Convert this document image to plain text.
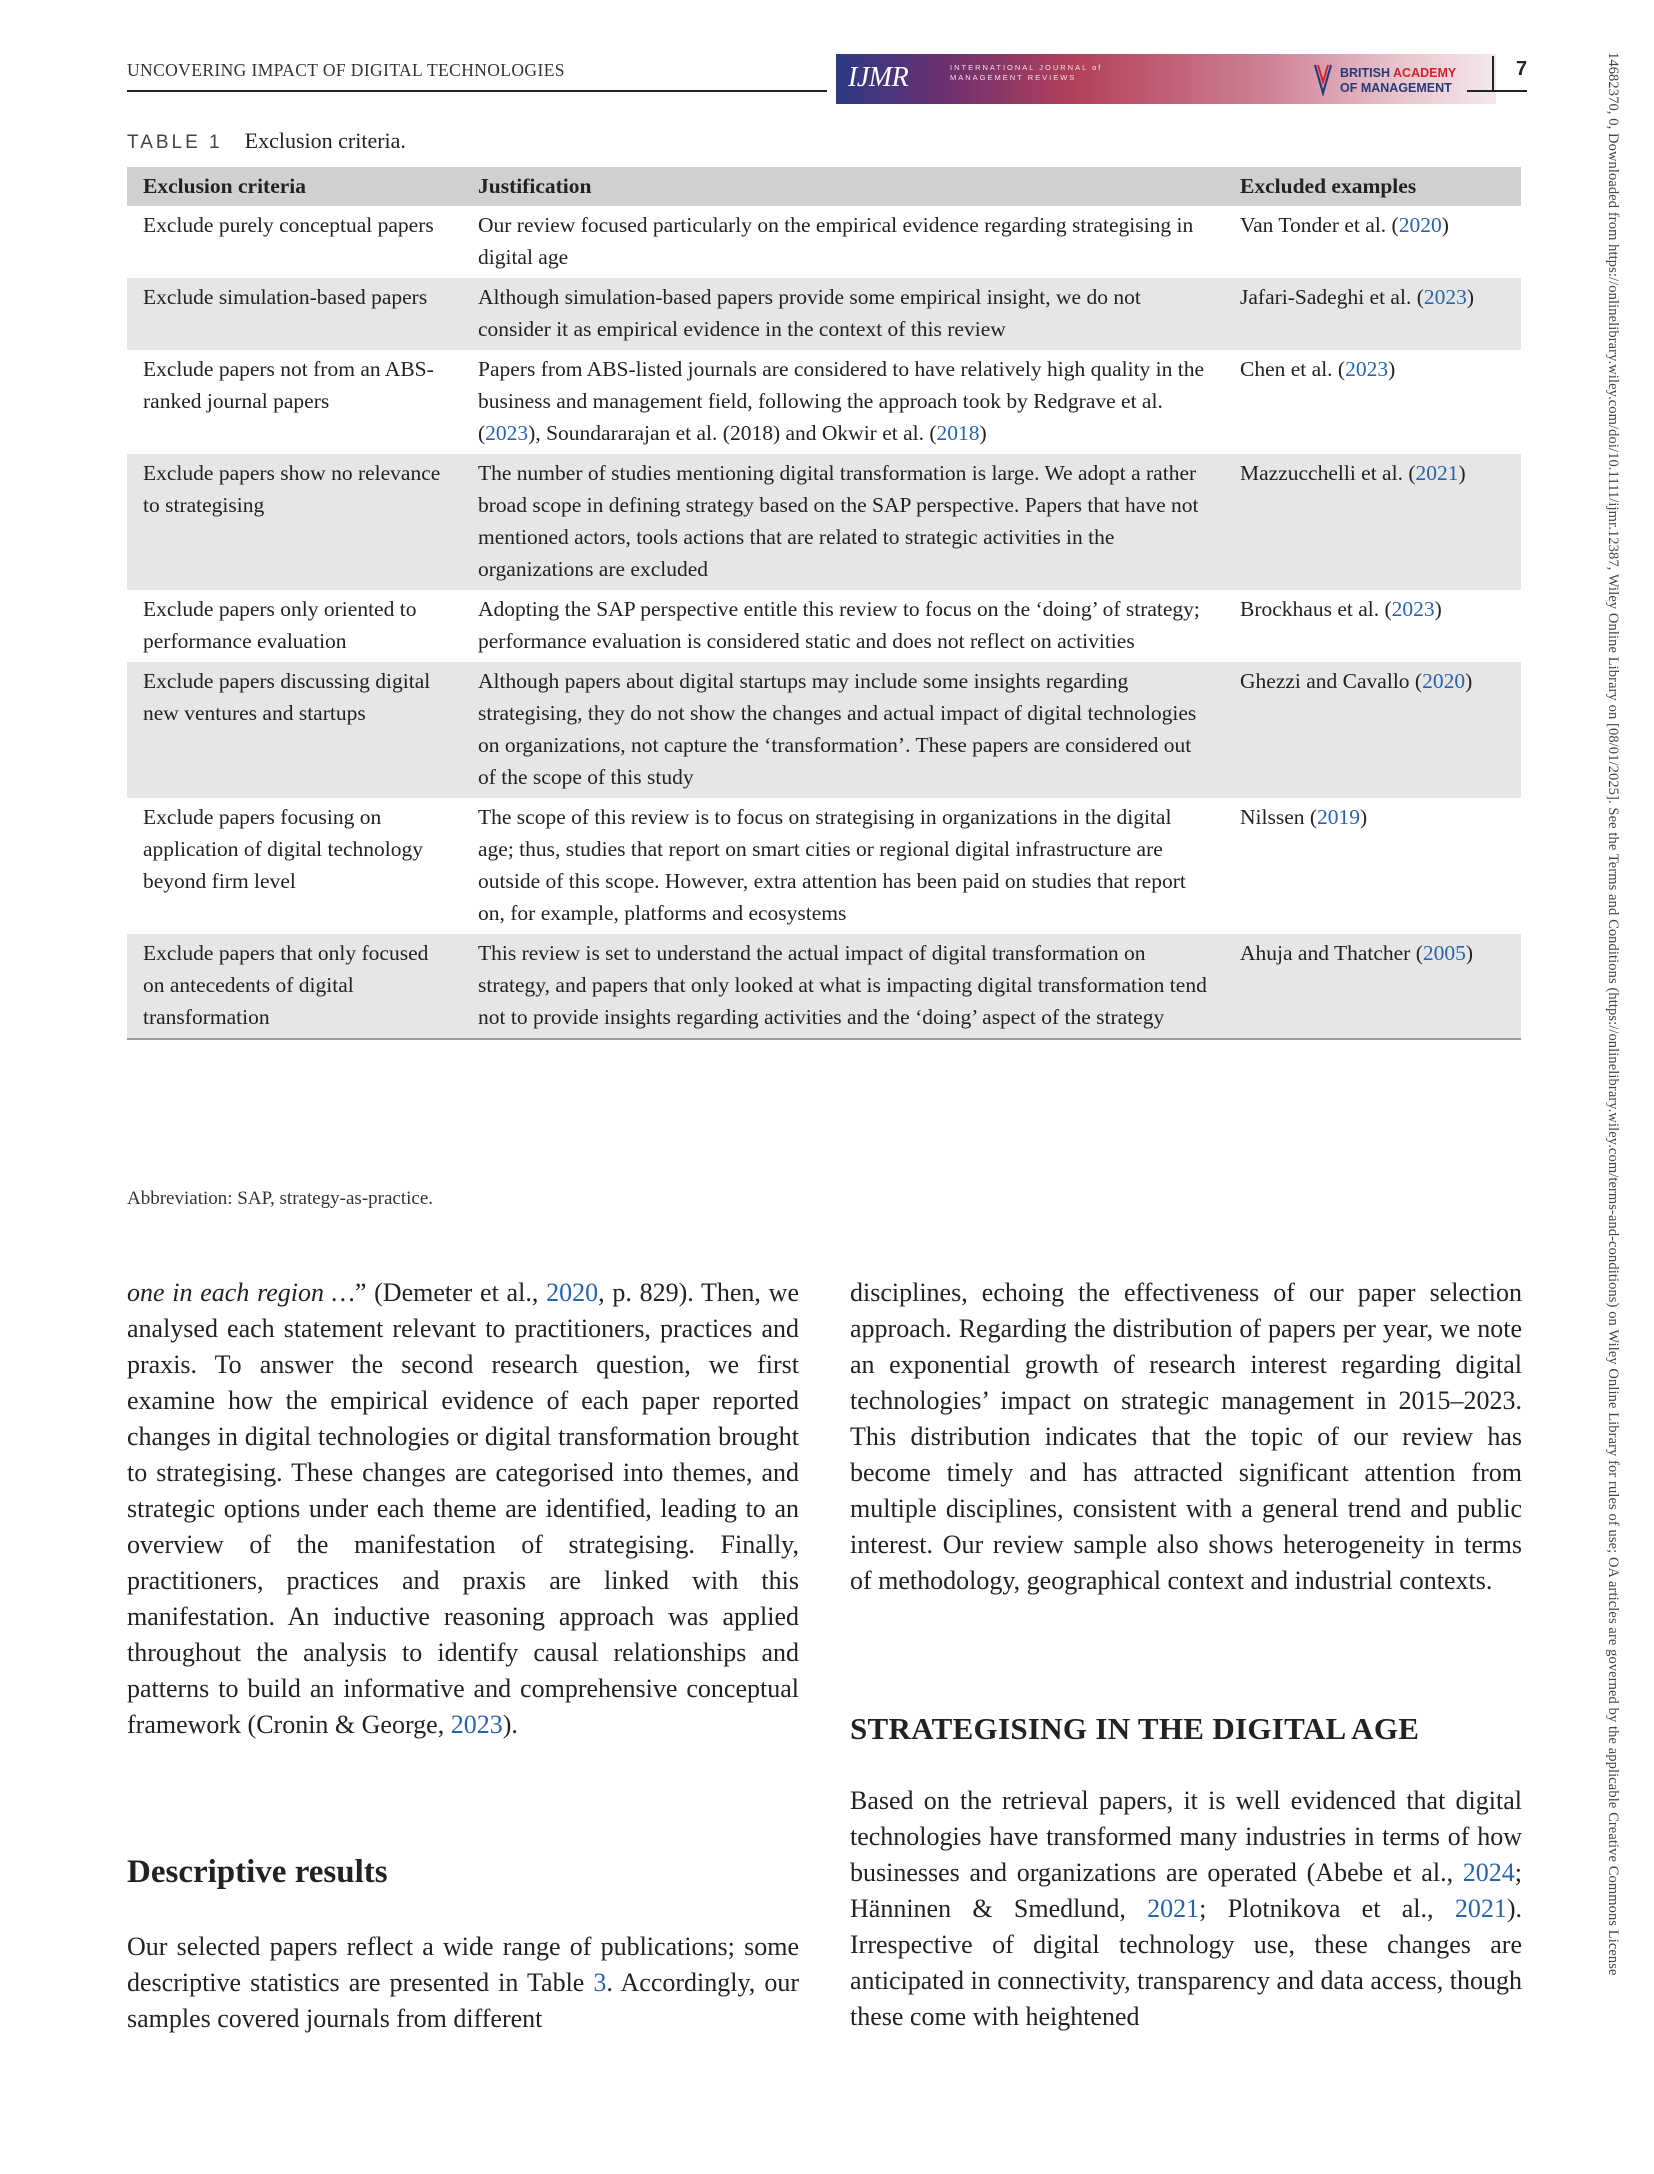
UNCOVERING IMPACT OF DIGITAL TECHNOLOGIES	IJMR	INTERNATIONAL JOURNAL of MANAGEMENT REVIEWS	BRITISH ACADEMY
OF MANAGEMENT
7	14682370, 0, Downloaded from https://onlinelibrary.wiley.com/doi/10.1111/ijmr.12387, Wiley Online Library on [08/01/2025]. See the Terms and Conditions (https://onlinelibrary.wiley.com/terms-and-conditions) on Wiley Online Library for rules of use; OA articles are governed by the applicable Creative Commons License
TABLE 1 Exclusion criteria.
Exclusion criteria	Justification	Excluded examples
Exclude purely conceptual papers	Our review focused particularly on the empirical evidence regarding strategising in digital age	Van Tonder et al. (2020)
Exclude simulation-based papers	Although simulation-based papers provide some empirical insight, we do not consider it as empirical evidence in the context of this review	Jafari-Sadeghi et al. (2023)
Exclude papers not from an ABS-ranked journal papers	Papers from ABS-listed journals are considered to have relatively high quality in the business and management field, following the approach took by Redgrave et al. (2023), Soundararajan et al. (2018) and Okwir et al. (2018)	Chen et al. (2023)
Exclude papers show no relevance to strategising	The number of studies mentioning digital transformation is large. We adopt a rather broad scope in defining strategy based on the SAP perspective. Papers that have not mentioned actors, tools actions that are related to strategic activities in the organizations are excluded	Mazzucchelli et al. (2021)
Exclude papers only oriented to performance evaluation	Adopting the SAP perspective entitle this review to focus on the ‘doing’ of strategy; performance evaluation is considered static and does not reflect on activities	Brockhaus et al. (2023)
Exclude papers discussing digital new ventures and startups	Although papers about digital startups may include some insights regarding strategising, they do not show the changes and actual impact of digital technologies on organizations, not capture the ‘transformation’. These papers are considered out of the scope of this study	Ghezzi and Cavallo (2020)
Exclude papers focusing on application of digital technology beyond firm level	The scope of this review is to focus on strategising in organizations in the digital age; thus, studies that report on smart cities or regional digital infrastructure are outside of this scope. However, extra attention has been paid on studies that report on, for example, platforms and ecosystems	Nilssen (2019)
Exclude papers that only focused on antecedents of digital transformation	This review is set to understand the actual impact of digital transformation on strategy, and papers that only looked at what is impacting digital transformation tend not to provide insights regarding activities and the ‘doing’ aspect of the strategy	Ahuja and Thatcher (2005)
Abbreviation: SAP, strategy-as-practice.

one in each region …” (Demeter et al., 2020, p. 829). Then, we analysed each statement relevant to practitioners, practices and praxis. To answer the second research question, we first examine how the empirical evidence of each paper reported changes in digital technologies or digital transformation brought to strategising. These changes are categorised into themes, and strategic options under each theme are identified, leading to an overview of the manifestation of strategising. Finally, practitioners, practices and praxis are linked with this manifestation. An inductive reasoning approach was applied throughout the analysis to identify causal relationships and patterns to build an informative and comprehensive conceptual framework (Cronin & George, 2023).

Descriptive results

Our selected papers reflect a wide range of publications; some descriptive statistics are presented in Table 3. Accordingly, our samples covered journals from different

disciplines, echoing the effectiveness of our paper selection approach. Regarding the distribution of papers per year, we note an exponential growth of research interest regarding digital technologies’ impact on strategic management in 2015–2023. This distribution indicates that the topic of our review has become timely and has attracted significant attention from multiple disciplines, consistent with a general trend and public interest. Our review sample also shows heterogeneity in terms of methodology, geographical context and industrial contexts.

STRATEGISING IN THE DIGITAL AGE

Based on the retrieval papers, it is well evidenced that digital technologies have transformed many industries in terms of how businesses and organizations are operated (Abebe et al., 2024; Hänninen & Smedlund, 2021; Plotnikova et al., 2021). Irrespective of digital technology use, these changes are anticipated in connectivity, transparency and data access, though these come with heightened
